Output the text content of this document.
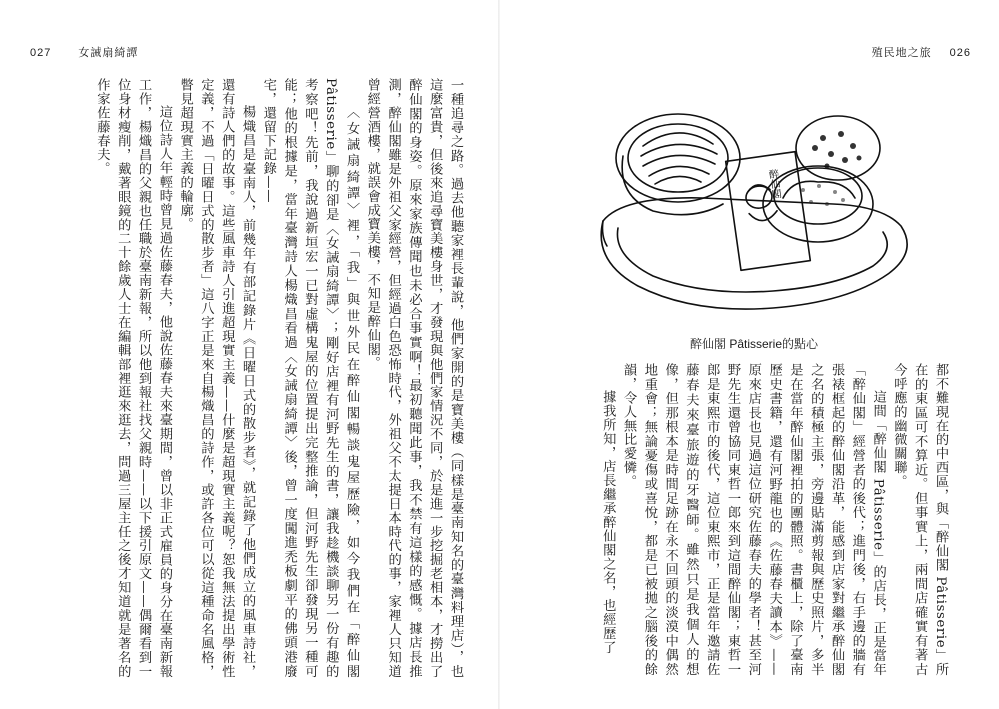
027 女誡扇綺譚

一種追尋之路。過去他聽家裡長輩說，他們家開的是寶美樓（同樣是臺南知名的臺灣料理店），也這麼富貴，但後來追尋寶美樓身世，才發現與他們家情況不同，於是進一步挖掘老相本，才撈出了醉仙閣的身姿。原來家族傳聞也未必合事實啊！最初聽聞此事，我不禁有這樣的感慨。據店長推測，醉仙閣雖是外祖父家經營，但經過白色恐怖時代，外祖父不太提日本時代的事，家裡人只知道曾經營酒樓，就誤會成寶美樓，不知是醉仙閣。

〈女誡扇綺譚〉裡，「我」與世外民在醉仙閣暢談鬼屋歷險，如今我們在「醉仙閣 Pâtisserie」聊的卻是〈女誡扇綺譚〉；剛好店裡有河野先生的書，讓我趁機談聊另一份有趣的考察吧！先前，我說過新垣宏一已對虛構鬼屋的位置提出完整推論，但河野先生卻發現另一種可能；他的根據是，當年臺灣詩人楊熾昌看過〈女誡扇綺譚〉後，曾一度闖進禿板劇平的佛頭港廢宅，還留下記錄——

楊熾昌是臺南人，前幾年有部記錄片《日曜日式的散步者》，就記錄了他們成立的風車詩社，還有詩人們的故事。這些風車詩人引進超現實主義——什麼是超現實主義呢？恕我無法提出學術性定義，不過「日曜日式的散步者」這八字正是來自楊熾昌的詩作，或許各位可以從這種命名風格，瞥見超現實主義的輪廓。

這位詩人年輕時曾見過佐藤春夫，他說佐藤春夫來臺期間，曾以非正式雇員的身分在臺南新報工作，楊熾昌的父親也任職於臺南新報，所以他到報社找父親時——以下援引原文——偶爾看到一位身材瘦削，戴著眼鏡的二十餘歲人士在編輯部裡逛來逛去，問過三屋主任之後才知道就是著名的作家佐藤春夫。

殖民地之旅 026
醉仙閣
醉仙閣 Pâtisserie的點心

都不難現在的中西區，與「醉仙閣 Pâtisserie」所在的東區可不算近。但事實上，兩間店確實有著古今呼應的幽微關聯。

這間「醉仙閣 Pâtisserie」的店長，正是當年「醉仙閣」經營者的後代；進門後，右手邊的牆有張裱框起的醉仙閣沿革，能感到店家對繼承醉仙閣之名的積極主張，旁邊貼滿剪報與歷史照片，多半是在當年醉仙閣裡拍的團體照。書櫃上，除了臺南歷史書籍，還有河野龍也的《佐藤春夫讀本》——原來店長也見過這位研究佐藤春夫的學者！甚至河野先生還曾協同東哲一郎來到這間醉仙閣；東哲一郎是東熙市的後代，這位東熙市，正是當年邀請佐藤春夫來臺旅遊的牙醫師。雖然只是我個人的想像，但那根本是時間足跡在永不回頭的淡漠中偶然地重會；無論憂傷或喜悅，都是已被拋之腦後的餘韻，令人無比愛憐。

據我所知，店長繼承醉仙閣之名，也經歷了
